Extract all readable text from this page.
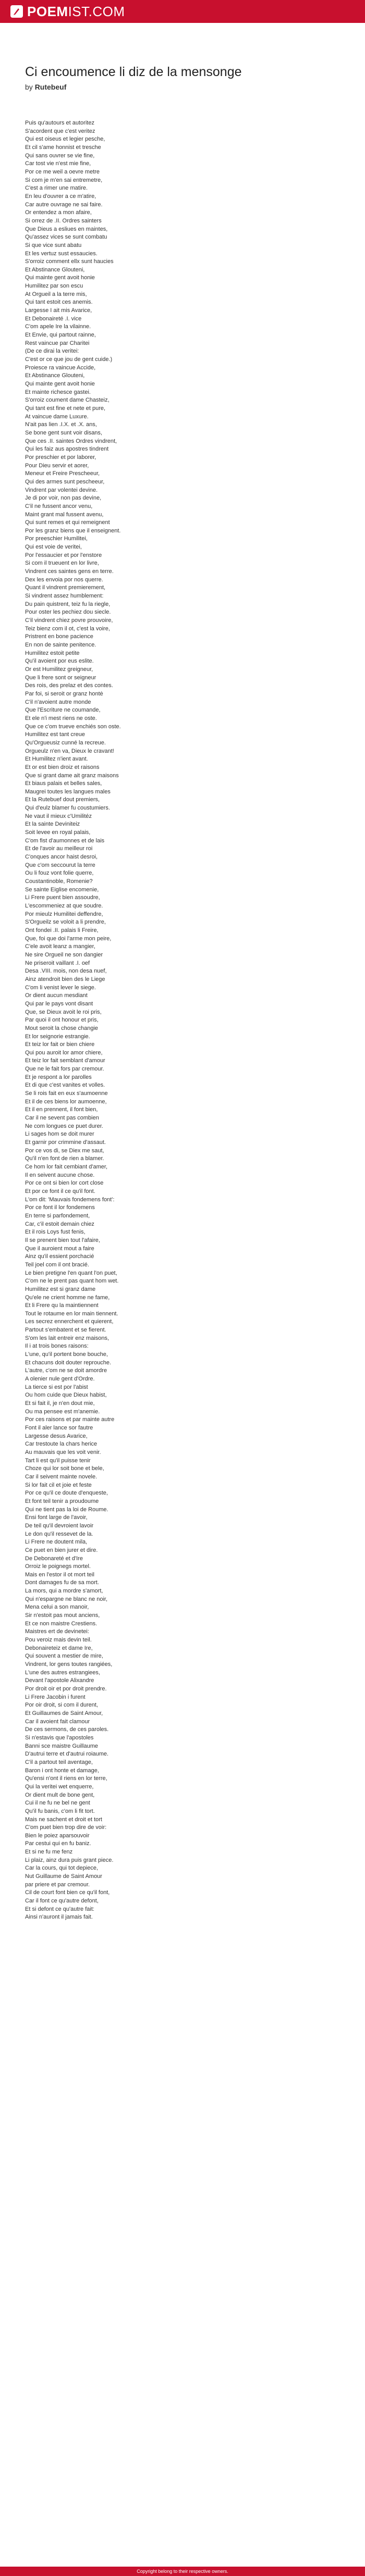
POEMIST.COM
Ci encoumence li diz de la mensonge
by Rutebeuf
Puis qu'autours et autoritez
S'acordent que c'est veritez
Qui est oiseus et legier pesche,
Et cil s'ame honnist et tresche
Qui sans ouvrer se vie fine,
Car tost vie n'est mie fine,
Por ce me weil a oevre metre
Si com je m'en sai entremetre,
C'est a rimer une matire.
En leu d'ouvrer a ce m'atire,
Car autre ouvrage ne sai faire.
Or entendez a mon afaire,
Si orrez de .II. Ordres sainters
Que Dieus a esliues en maintes,
Qu'assez vices se sunt combatu
Si que vice sunt abatu
Et les vertuz sust essaucies.
S'orroiz comment ellx sunt haucies
Et Abstinance Glouteni,
Qui mainte gent avoit honie
Humilitez par son escu
At Orgueil a la terre mis,
Qui tant estoit ces anemis.
Largesse I ait mis Avarice,
Et Debonaireté .I. vice
C'om apele Ire la vilainne.
Et Envie, qui partout rainne,
Rest vaincue par Charitei
(De ce dirai la veritei:
C'est or ce que jou de gent cuide.)
Proiesce ra vaincue Accide,
Et Abstinance Glouteni,
Qui mainte gent avoit honie
Et mainte richesce gastei.
S'orroiz coument dame Chasteiz,
Qui tant est fine et nete et pure,
At vaincue dame Luxure.
N'ait pas lien .I.X. et .X. ans,
Se bone gent sunt voir disans,
Que ces .II. saintes Ordres vindrent,
Qui les faiz aus apostres tindrent
Por preschier et por laborer,
Pour Dieu servir et aorer,
Meneur et Freire Prescheeur,
Qui des armes sunt pescheeur,
Vindrent par volentei devine.
Je di por voir, non pas devine,
C'il ne fussent ancor venu,
Maint grant mal fussent avenu,
Qui sunt remes et qui remeignent
Por les granz biens que il enseignent.
Por preeschier Humilitei,
Qui est voie de veritei,
Por l'essaucier et por l'enstore
Si com il trueuent en lor livre,
Vindrent ces saintes gens en terre.
Dex les envoia por nos querre.
Quant il vindrent premierement,
Si vindrent assez humblement:
Du pain quistrent, teiz fu la riegle,
Pour oster les pechiez dou siecle.
C'il vindrent chiez povre prouvoire,
Teiz bienz com il ot, c'est la voire,
Pristrent en bone pacience
En non de sainte penitence.
Humilitez estoit petite
Qu'il avoient por eus eslite.
Or est Humilitez greigneur,
Que li frere sont or seigneur
Des rois, des prelaz et des contes.
Par foi, si seroit or granz hontė
C'il n'avoient autre monde
Que l'Escriture ne coumande,
Et ele n'i mest riens ne oste.
Que ce c'om trueve enchiés son oste.
Humilitez est tant creue
Qu'Orgueusiz cunné la recreue.
Orgueulz n'en va, Dieux le cravant!
Et Humilitez n'ient avant.
Et or est bien droiz et raisons
Que si grant dame ait granz maisons
Et biaus palais et belles sales,
Maugrei toutes les langues males
Et la Rutebuef dout premiers,
Qui d'eulz blamer fu coustumiers.
Ne vaut il mieux c'Umilitéz
Et la sainte Deviniteiz
Soit levee en royal palais,
C'om fist d'aumonnes et de lais
Et de l'avoir au meilleur roi
C'onques ancor haist desroi,
Que c'om seccourut la terre
Ou li fouz vont folie querre,
Coustantinoble, Romenie?
Se sainte Eiglise encomenie,
Li Frere puent bien assoudre,
L'escommeniez at que soudre.
Por mieulz Humilitei deffendre,
S'Orgueilz se voloit a li prendre,
Ont fondei .II. palais li Freire,
Que, foi que doi l'arme mon peire,
C'ele avoit leanz a mangier,
Ne sire Orgueil ne son dangier
Ne priseroit vaillant .I. oef
Desa .VIII. mois, non desa nuef,
Ainz atendroit bien des le Liege
C'om li venist lever le siege.
Or dient aucun mesdiant
Qui par le pays vont disant
Que, se Dieux avoit le roi pris,
Par quoi il ont honour et pris,
Mout seroit la chose changie
Et lor seignorie estrangie.
Et teiz lor fait or bien chiere
Qui pou auroit lor amor chiere,
Et teiz lor fait semblant d'amour
Que ne le fait fors par cremour.
Et je respont a lor parolles
Et di que c'est vanites et volles.
Se li rois fait en eux s'aumoenne
Et il de ces biens lor aumoenne,
Et il en prennent, il font bien,
Car il ne sevent pas combien
Ne com longues ce puet durer.
Li sages hom se doit murer
Et garnir por crimmine d'assaut.
Por ce vos di, se Diex me saut,
Qu'il n'en font de rien a blamer.
Ce hom lor fait cembiant d'amer,
Il en seivent aucune chose.
Por ce ont si bien lor cort close
Et por ce font il ce qu'il font.
L'om dit: 'Mauvais fondemens font':
Por ce font il lor fondemens
En terre si parfondement,
Car, c'il estoit demain chiez
Et il rois Loys fust fenis,
Il se prenent bien tout l'afaire,
Que il auroient mout a faire
Ainz qu'il essient porchacié
Teil joel com il ont bracié.
Le bien pretigne l'en quant l'on puet,
C'om ne le prent pas quant hom wet.
Humilitez est si granz dame
Qu'ele ne crient homme ne fame,
Et li Frere qu la maintiennent
Tout le rotaume en lor main tiennent.
Les secrez ennerchent et quierent,
Partout s'embatent et se fierent.
S'om les lait entreir enz maisons,
Il i at trois bones raisons:
L'une, qu'il portent bone bouche,
Et chacuns doit douter reprouche.
L'autre, c'om ne se doit amordre
A olenier nule gent d'Ordre.
La tierce si est por l'abist
Ou hom cuide que Dieux habist,
Et si fait il, je n'en dout mie,
Ou ma pensee est m'anemie.
Por ces raisons et par mainte autre
Font il aler lance sor fautre
Largesse desus Avarice,
Car trestoute la chars herice
Au mauvais que les voit venir.
Tart li est qu'il puisse tenir
Choze qui lor soit bone et bele,
Car il seivent mainte novele.
Si lor fait cil et joie et feste
Por ce qu'il ce doute d'enqueste,
Et font teil tenir a proudoume
Qui ne tient pas la loi de Roume.
Ensi font large de l'avoir,
De teil qu'il devroient lavoir
Le don qu'il ressevet de la.
Li Frere ne doutent mila,
Ce puet en bien jurer et dire.
De Debonareté et d'Ire
Orroiz le poignegs mortel.
Mais en l'estor il ot mort teil
Dont damages fu de sa mort.
La mors, qui a mordre s'amort,
Qui n'espargne ne blanc ne noir,
Mena celui a son manoir,
Sir n'estoit pas mout anciens,
Et ce non maistre Crestiens.
Maistres ert de devinetei:
Pou veroiz mais devin teil.
Debonaireteiz et dame Ire,
Qui souvent a mestier de mire,
Vindrent, lor gens toutes rangiées,
L'une des autres estrangiees,
Devant l'apostole Alixandre
Por droit oir et por droit prendre.
Li Frere Jacobin i furent
Por oir droit, si com il durent,
Et Guillaumes de Saint Amour,
Car il avoient fait clamour
De ces sermons, de ces paroles.
Si n'estavis que l'apostoles
Banni sce maistre Guillaume
D'autrui terre et d'autrui roiaume.
C'il a partout teil aventage,
Baron i ont honte et damage,
Qu'ensi n'ont il riens en lor terre,
Qui la veritei wet enquerre,
Or dient mult de bone gent,
Cui il ne fu ne bel ne gent
Qu'il fu banis, c'om li fit tort.
Mais ne sachent et droit et tort
C'om puet bien trop dire de voir:
Bien le poiez aparsouvoir
Par cestui qui en fu baniz.
Et si ne fu me fenz
Li plaiz, ainz dura puis grant piece.
Car la cours, qui tot depiece,
Nut Guillaume de Saint Amour
par priere et par cremour.
Cil de court font bien ce qu'il font,
Car il font ce qu'autre defont,
Et si defont ce qu'autre fait:
Ainsi n'auront il jamais fait.
Copyright belong to their respective owners.
